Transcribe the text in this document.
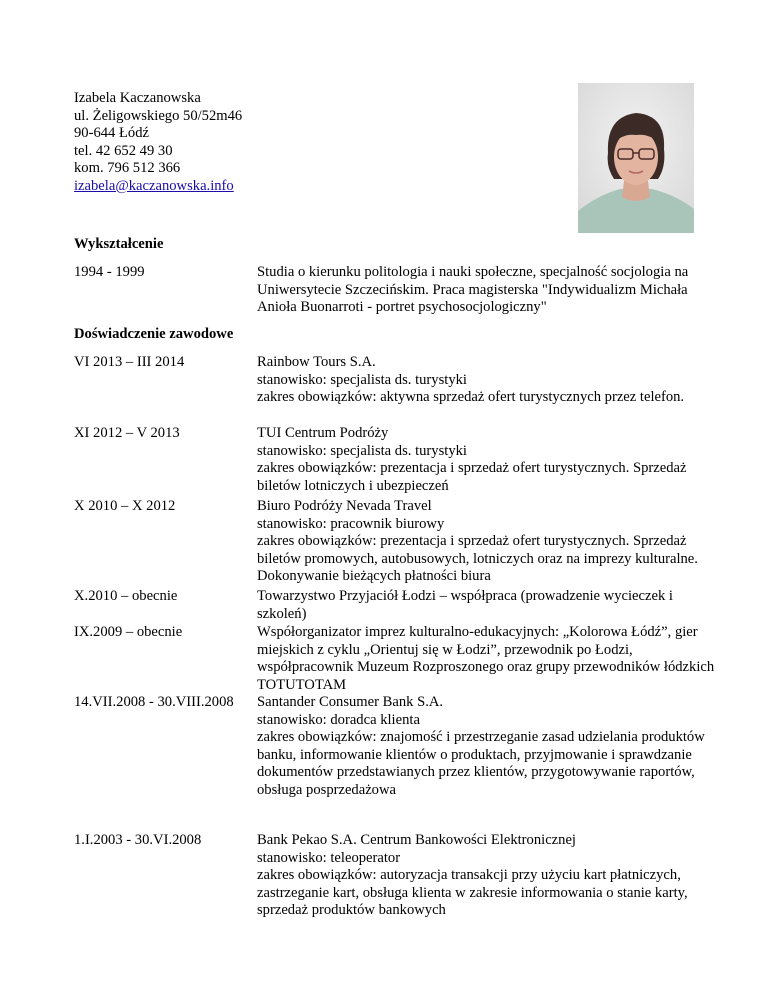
Izabela Kaczanowska
ul. Żeligowskiego 50/52m46
90-644 Łódź
tel. 42 652 49 30
kom. 796 512 366
izabela@kaczanowska.info
Wykształcenie
1994 - 1999	Studia o kierunku politologia i nauki społeczne, specjalność socjologia na Uniwersytecie Szczecińskim. Praca magisterska "Indywidualizm Michała Anioła Buonarroti - portret psychosocjologiczny"
Doświadczenie zawodowe
VI 2013 – III 2014	Rainbow Tours S.A.
stanowisko: specjalista ds. turystyki
zakres obowiązków: aktywna sprzedaż ofert turystycznych przez telefon.
XI 2012 – V 2013	TUI Centrum Podróży
stanowisko: specjalista ds. turystyki
zakres obowiązków: prezentacja i sprzedaż ofert turystycznych. Sprzedaż biletów lotniczych i ubezpieczeń
X 2010 – X 2012	Biuro Podróży Nevada Travel
stanowisko: pracownik biurowy
zakres obowiązków: prezentacja i sprzedaż ofert turystycznych. Sprzedaż biletów promowych, autobusowych, lotniczych oraz na imprezy kulturalne. Dokonywanie bieżących płatności biura
X.2010 – obecnie	Towarzystwo Przyjaciół Łodzi – współpraca (prowadzenie wycieczek i szkoleń)
IX.2009 – obecnie	Współorganizator imprez kulturalno-edukacyjnych: „Kolorowa Łódź”, gier miejskich z cyklu „Orientuj się w Łodzi”, przewodnik po Łodzi, współpracownik Muzeum Rozproszonego oraz grupy przewodników łódzkich TOTUTOTAM
14.VII.2008 - 30.VIII.2008 Santander Consumer Bank S.A.
stanowisko: doradca klienta
zakres obowiązków: znajomość i przestrzeganie zasad udzielania produktów banku, informowanie klientów o produktach, przyjmowanie i sprawdzanie dokumentów przedstawianych przez klientów, przygotowywanie raportów, obsługa posprzedażowa
1.I.2003 - 30.VI.2008	Bank Pekao S.A. Centrum Bankowości Elektronicznej
stanowisko: teleoperator
zakres obowiązków: autoryzacja transakcji przy użyciu kart płatniczych, zastrzeganie kart, obsługa klienta w zakresie informowania o stanie karty, sprzedaż produktów bankowych
